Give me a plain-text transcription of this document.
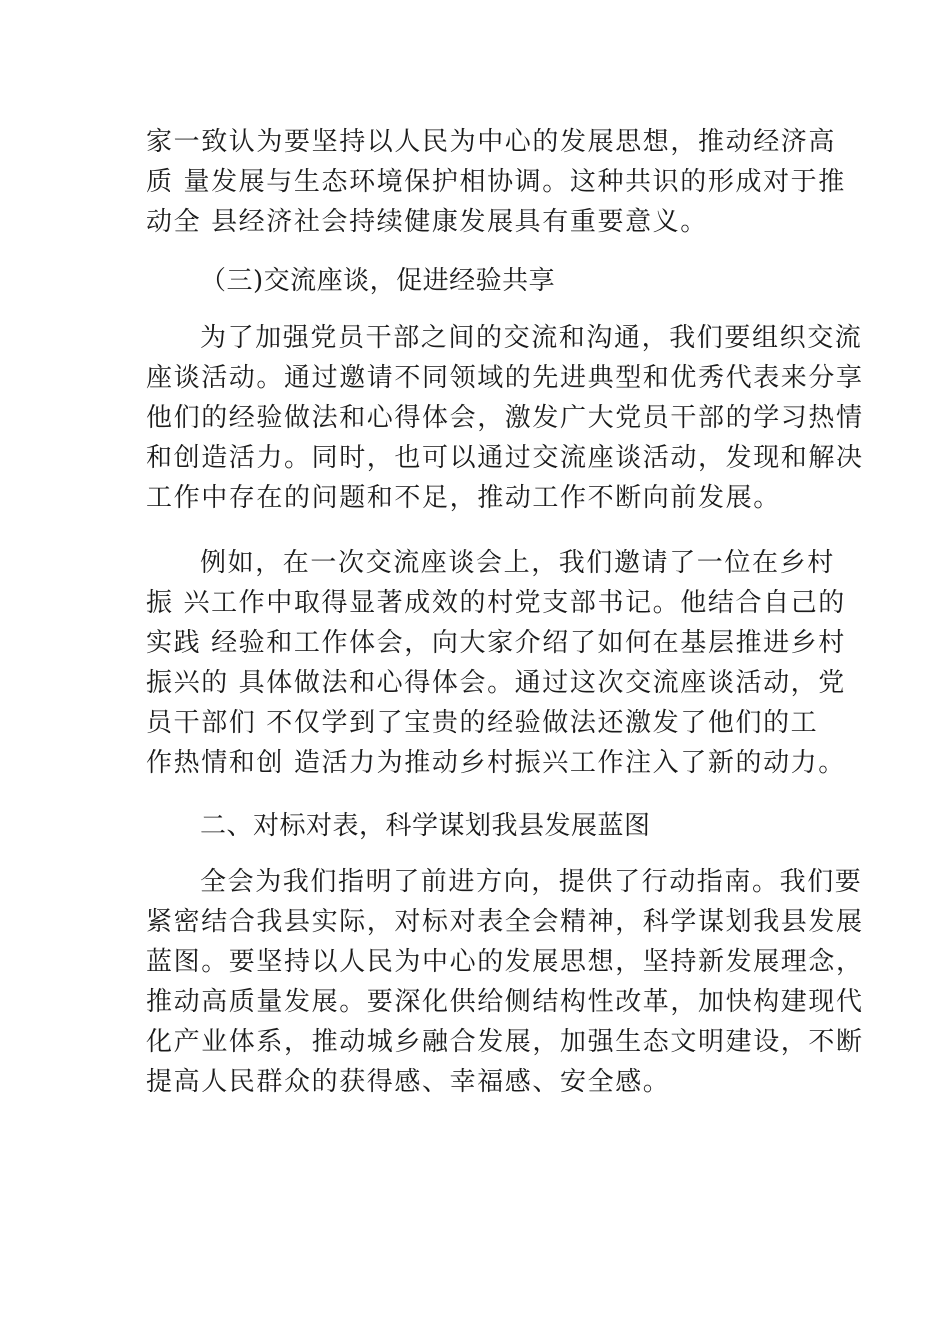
家一致认为要坚持以人民为中心的发展思想，推动经济高
质 量发展与生态环境保护相协调。这种共识的形成对于推
动全 县经济社会持续健康发展具有重要意义。
（三)交流座谈，促进经验共享
为了加强党员干部之间的交流和沟通，我们要组织交流
座谈活动。通过邀请不同领域的先进典型和优秀代表来分享
他们的经验做法和心得体会，激发广大党员干部的学习热情
和创造活力。同时，也可以通过交流座谈活动，发现和解决
工作中存在的问题和不足，推动工作不断向前发展。
例如，在一次交流座谈会上，我们邀请了一位在乡村
振 兴工作中取得显著成效的村党支部书记。他结合自己的
实践 经验和工作体会，向大家介绍了如何在基层推进乡村
振兴的 具体做法和心得体会。通过这次交流座谈活动，党
员干部们 不仅学到了宝贵的经验做法还激发了他们的工
作热情和创 造活力为推动乡村振兴工作注入了新的动力。
二、对标对表，科学谋划我县发展蓝图
全会为我们指明了前进方向，提供了行动指南。我们要
紧密结合我县实际，对标对表全会精神，科学谋划我县发展
蓝图。要坚持以人民为中心的发展思想，坚持新发展理念，
推动高质量发展。要深化供给侧结构性改革，加快构建现代
化产业体系，推动城乡融合发展，加强生态文明建设，不断
提高人民群众的获得感、幸福感、安全感。
